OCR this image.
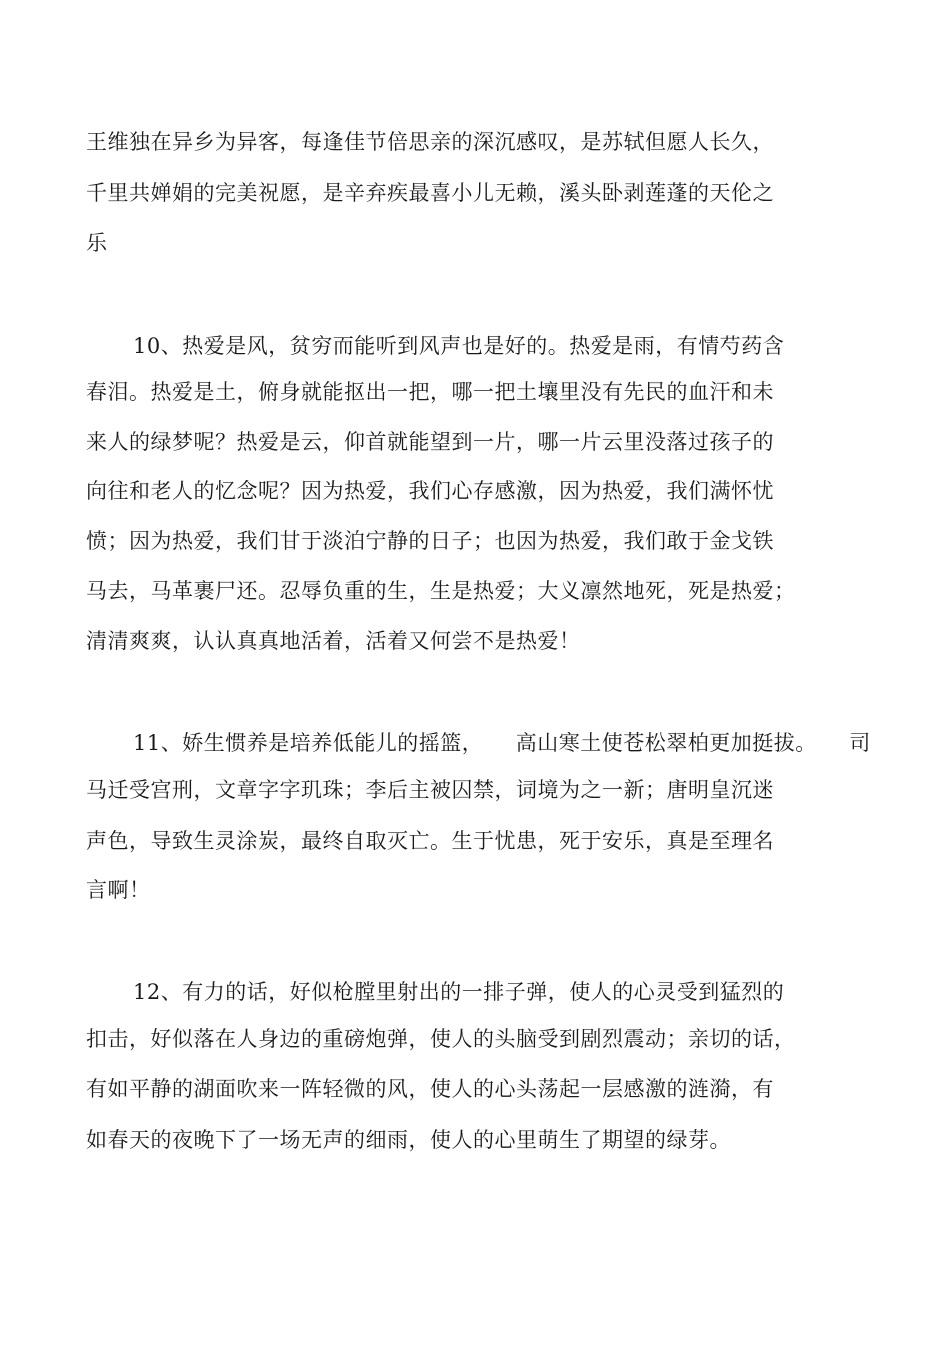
王维独在异乡为异客，每逢佳节倍思亲的深沉感叹，是苏轼但愿人长久，
千里共婵娟的完美祝愿，是辛弃疾最喜小儿无赖，溪头卧剥莲蓬的天伦之
乐
10、热爱是风，贫穷而能听到风声也是好的。热爱是雨，有情芍药含
春泪。热爱是土，俯身就能抠出一把，哪一把土壤里没有先民的血汗和未
来人的绿梦呢？热爱是云，仰首就能望到一片，哪一片云里没落过孩子的
向往和老人的忆念呢？因为热爱，我们心存感激，因为热爱，我们满怀忧
愤；因为热爱，我们甘于淡泊宁静的日子；也因为热爱，我们敢于金戈铁
马去，马革裹尸还。忍辱负重的生，生是热爱；大义凛然地死，死是热爱；
清清爽爽，认认真真地活着，活着又何尝不是热爱！
11、娇生惯养是培养低能儿的摇篮，　　高山寒土使苍松翠柏更加挺拔。　　司
马迁受宫刑，文章字字玑珠；李后主被囚禁，词境为之一新；唐明皇沉迷
声色，导致生灵涂炭，最终自取灭亡。生于忧患，死于安乐，真是至理名
言啊！
12、有力的话，好似枪膛里射出的一排子弹，使人的心灵受到猛烈的
扣击，好似落在人身边的重磅炮弹，使人的头脑受到剧烈震动；亲切的话，
有如平静的湖面吹来一阵轻微的风，使人的心头荡起一层感激的涟漪，有
如春天的夜晚下了一场无声的细雨，使人的心里萌生了期望的绿芽。
